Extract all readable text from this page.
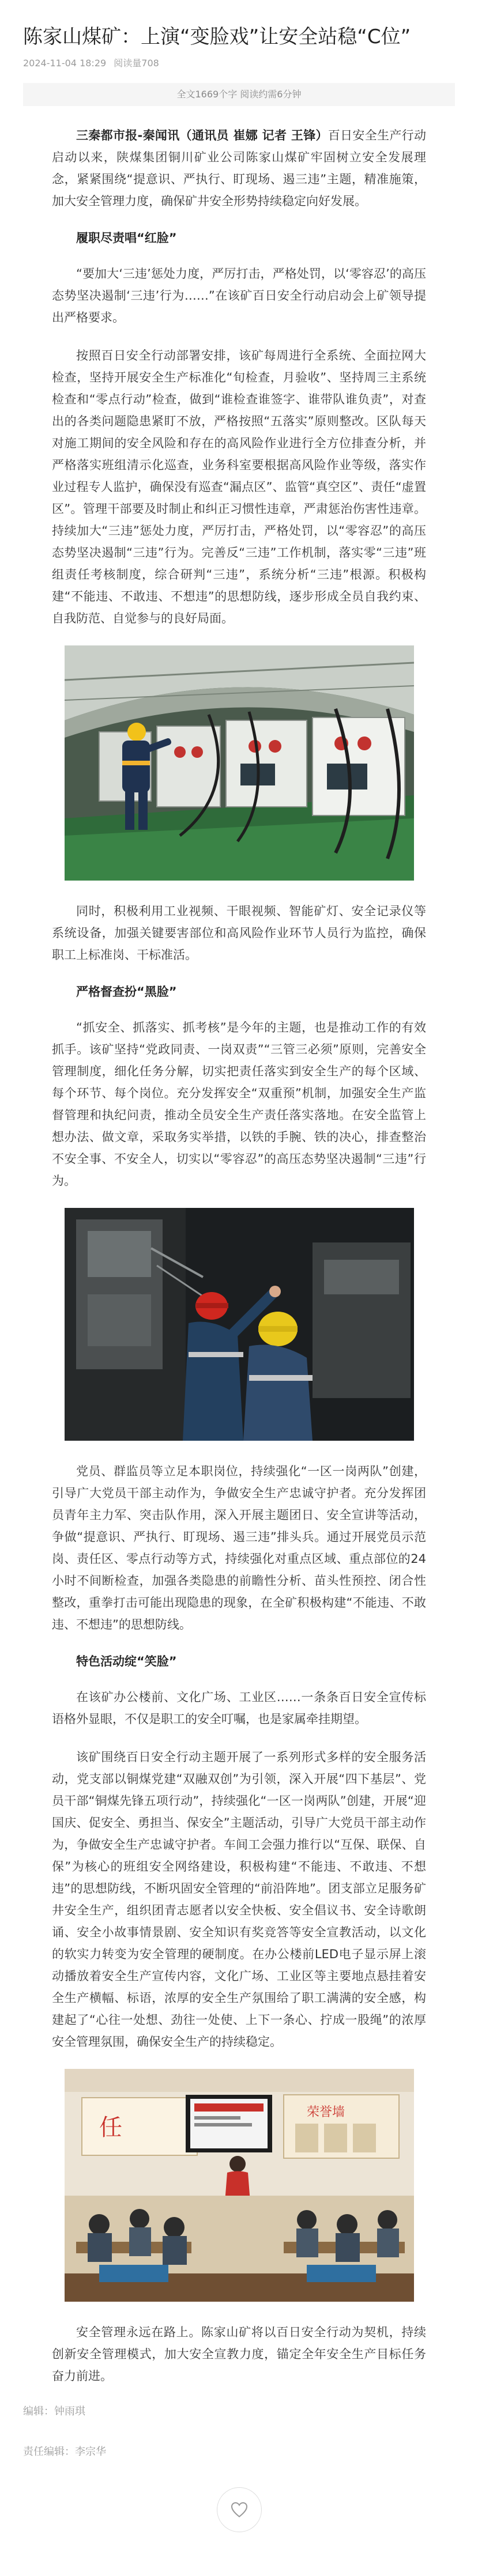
陈家山煤矿：上演“变脸戏”让安全站稳“C位”
2024-11-04 18:29 阅读量708
全文1669个字 阅读约需6分钟

三秦都市报-秦闻讯（通讯员 崔娜 记者 王锋）百日安全生产行动启动以来，陕煤集团铜川矿业公司陈家山煤矿牢固树立安全发展理念，紧紧围绕“提意识、严执行、盯现场、遏三违”主题，精准施策，加大安全管理力度，确保矿井安全形势持续稳定向好发展。

履职尽责唱“红脸”

“要加大‘三违’惩处力度，严厉打击，严格处罚，以‘零容忍’的高压态势坚决遏制‘三违’行为……”在该矿百日安全行动启动会上矿领导提出严格要求。

按照百日安全行动部署安排，该矿每周进行全系统、全面拉网大检查，坚持开展安全生产标准化“旬检查，月验收”、坚持周三主系统检查和“零点行动”检查，做到“谁检查谁签字、谁带队谁负责”，对查出的各类问题隐患紧盯不放，严格按照“五落实”原则整改。区队每天对施工期间的安全风险和存在的高风险作业进行全方位排查分析，并严格落实班组清示化巡查，业务科室要根据高风险作业等级，落实作业过程专人监护，确保没有巡查“漏点区”、监管“真空区”、责任“虚置区”。管理干部要及时制止和纠正习惯性违章，严肃惩治伤害性违章。持续加大“三违”惩处力度，严厉打击，严格处罚，以“零容忍”的高压态势坚决遏制“三违”行为。完善反“三违”工作机制，落实零“三违”班组责任考核制度，综合研判“三违”，系统分析“三违”根源。积极构建“不能违、不敢违、不想违”的思想防线，逐步形成全员自我约束、自我防范、自觉参与的良好局面。

同时，积极利用工业视频、干眼视频、智能矿灯、安全记录仪等系统设备，加强关键要害部位和高风险作业环节人员行为监控，确保职工上标准岗、干标准活。

严格督查扮“黑脸”

“抓安全、抓落实、抓考核”是今年的主题，也是推动工作的有效抓手。该矿坚持“党政同责、一岗双责”“三管三必须”原则，完善安全管理制度，细化任务分解，切实把责任落实到安全生产的每个区域、每个环节、每个岗位。充分发挥安全“双重预”机制，加强安全生产监督管理和执纪问责，推动全员安全生产责任落实落地。在安全监管上想办法、做文章，采取务实举措，以铁的手腕、铁的决心，排查整治不安全事、不安全人，切实以“零容忍”的高压态势坚决遏制“三违”行为。

党员、群监员等立足本职岗位，持续强化“一区一岗两队”创建，引导广大党员干部主动作为，争做安全生产忠诚守护者。充分发挥团员青年主力军、突击队作用，深入开展主题团日、安全宣讲等活动，争做“提意识、严执行、盯现场、遏三违”排头兵。通过开展党员示范岗、责任区、零点行动等方式，持续强化对重点区域、重点部位的24小时不间断检查，加强各类隐患的前瞻性分析、苗头性预控、闭合性整改，重拳打击可能出现隐患的现象，在全矿积极构建“不能违、不敢违、不想违”的思想防线。

特色活动绽“笑脸”

在该矿办公楼前、文化广场、工业区……一条条百日安全宣传标语格外显眼，不仅是职工的安全叮嘱，也是家属牵挂期望。

该矿围绕百日安全行动主题开展了一系列形式多样的安全服务活动，党支部以铜煤党建“双融双创”为引领，深入开展“四下基层”、党员干部“铜煤先锋五项行动”，持续强化“一区一岗两队”创建，开展“迎国庆、促安全、勇担当、保安全”主题活动，引导广大党员干部主动作为，争做安全生产忠诚守护者。车间工会强力推行以“互保、联保、自保”为核心的班组安全网络建设，积极构建“不能违、不敢违、不想违”的思想防线，不断巩固安全管理的“前沿阵地”。团支部立足服务矿井安全生产，组织团青志愿者以安全快板、安全倡议书、安全诗歌朗诵、安全小故事情景剧、安全知识有奖竞答等安全宣教活动，以文化的软实力转变为安全管理的硬制度。在办公楼前LED电子显示屏上滚动播放着安全生产宣传内容，文化广场、工业区等主要地点悬挂着安全生产横幅、标语，浓厚的安全生产氛围给了职工满满的安全感，构建起了“心往一处想、劲往一处使、上下一条心、拧成一股绳”的浓厚安全管理氛围，确保安全生产的持续稳定。

任
荣誉墙

安全管理永远在路上。陈家山矿将以百日安全行动为契机，持续创新安全管理模式，加大安全宣教力度，锚定全年安全生产目标任务奋力前进。

编辑：钟雨琪
责任编辑：李宗华
